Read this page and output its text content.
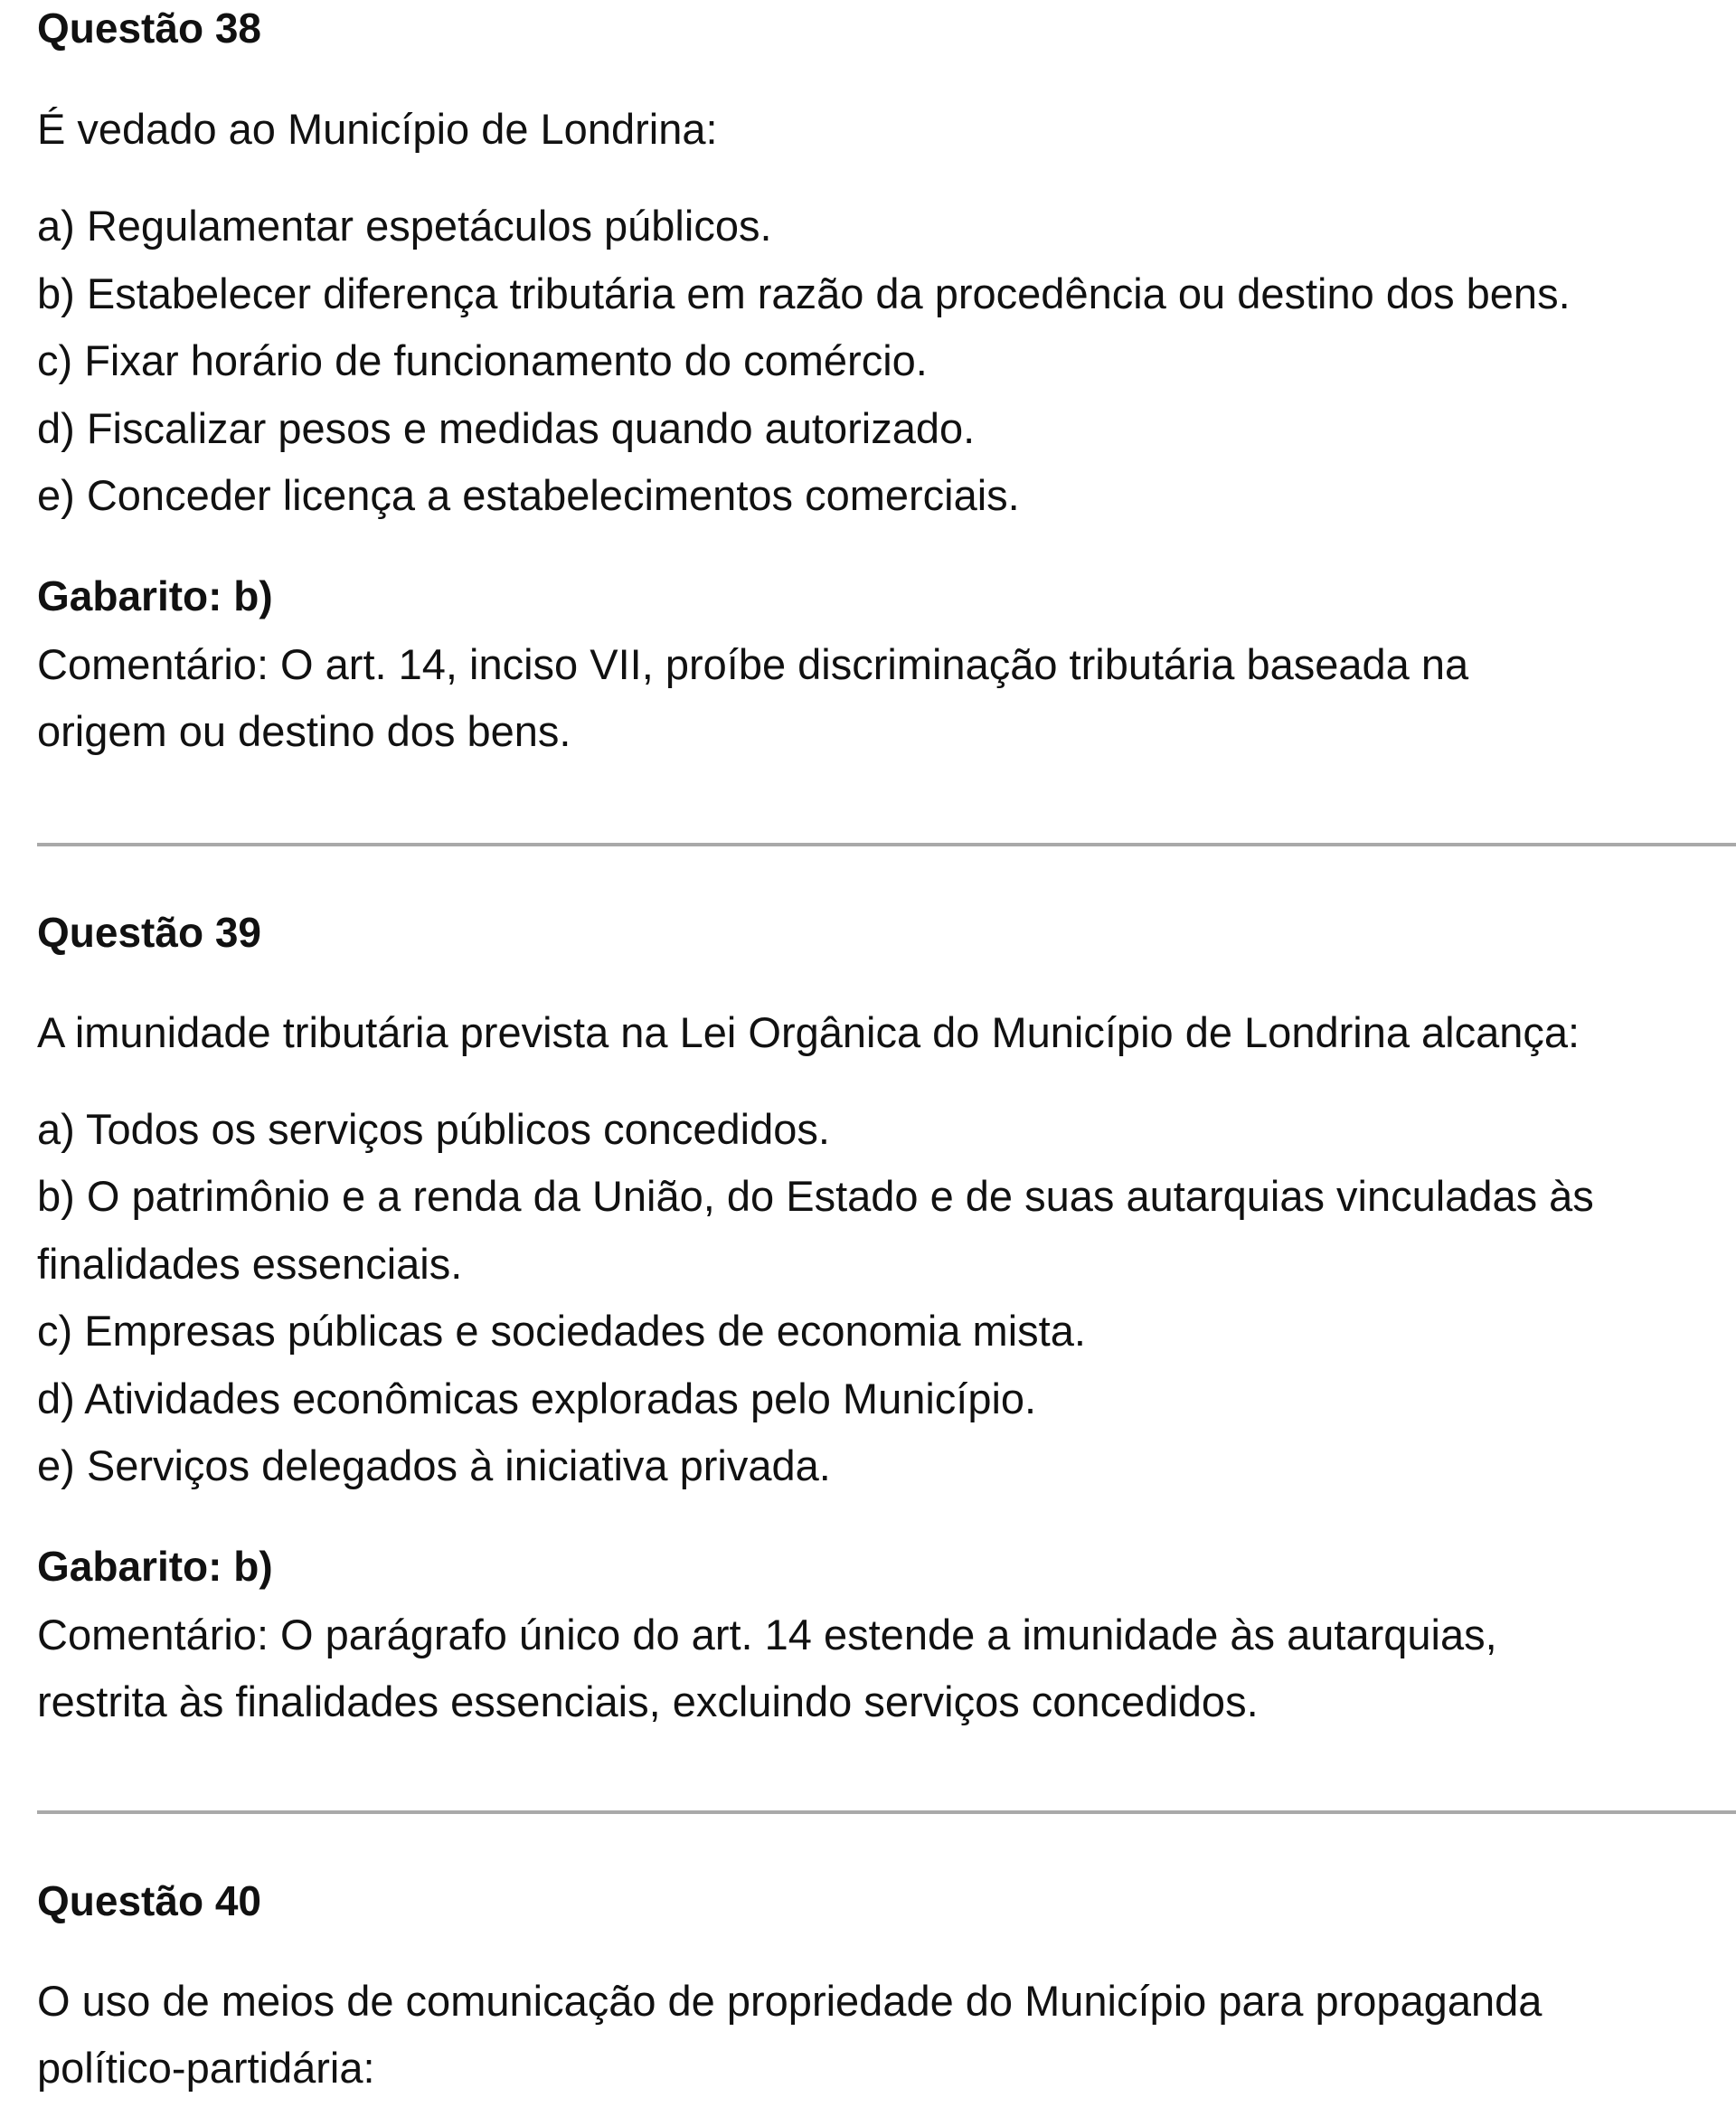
Questão 38
É vedado ao Município de Londrina:
a) Regulamentar espetáculos públicos.
b) Estabelecer diferença tributária em razão da procedência ou destino dos bens.
c) Fixar horário de funcionamento do comércio.
d) Fiscalizar pesos e medidas quando autorizado.
e) Conceder licença a estabelecimentos comerciais.
Gabarito: b)
Comentário: O art. 14, inciso VII, proíbe discriminação tributária baseada na
origem ou destino dos bens.
Questão 39
A imunidade tributária prevista na Lei Orgânica do Município de Londrina alcança:
a) Todos os serviços públicos concedidos.
b) O patrimônio e a renda da União, do Estado e de suas autarquias vinculadas às
finalidades essenciais.
c) Empresas públicas e sociedades de economia mista.
d) Atividades econômicas exploradas pelo Município.
e) Serviços delegados à iniciativa privada.
Gabarito: b)
Comentário: O parágrafo único do art. 14 estende a imunidade às autarquias,
restrita às finalidades essenciais, excluindo serviços concedidos.
Questão 40
O uso de meios de comunicação de propriedade do Município para propaganda
político-partidária:
